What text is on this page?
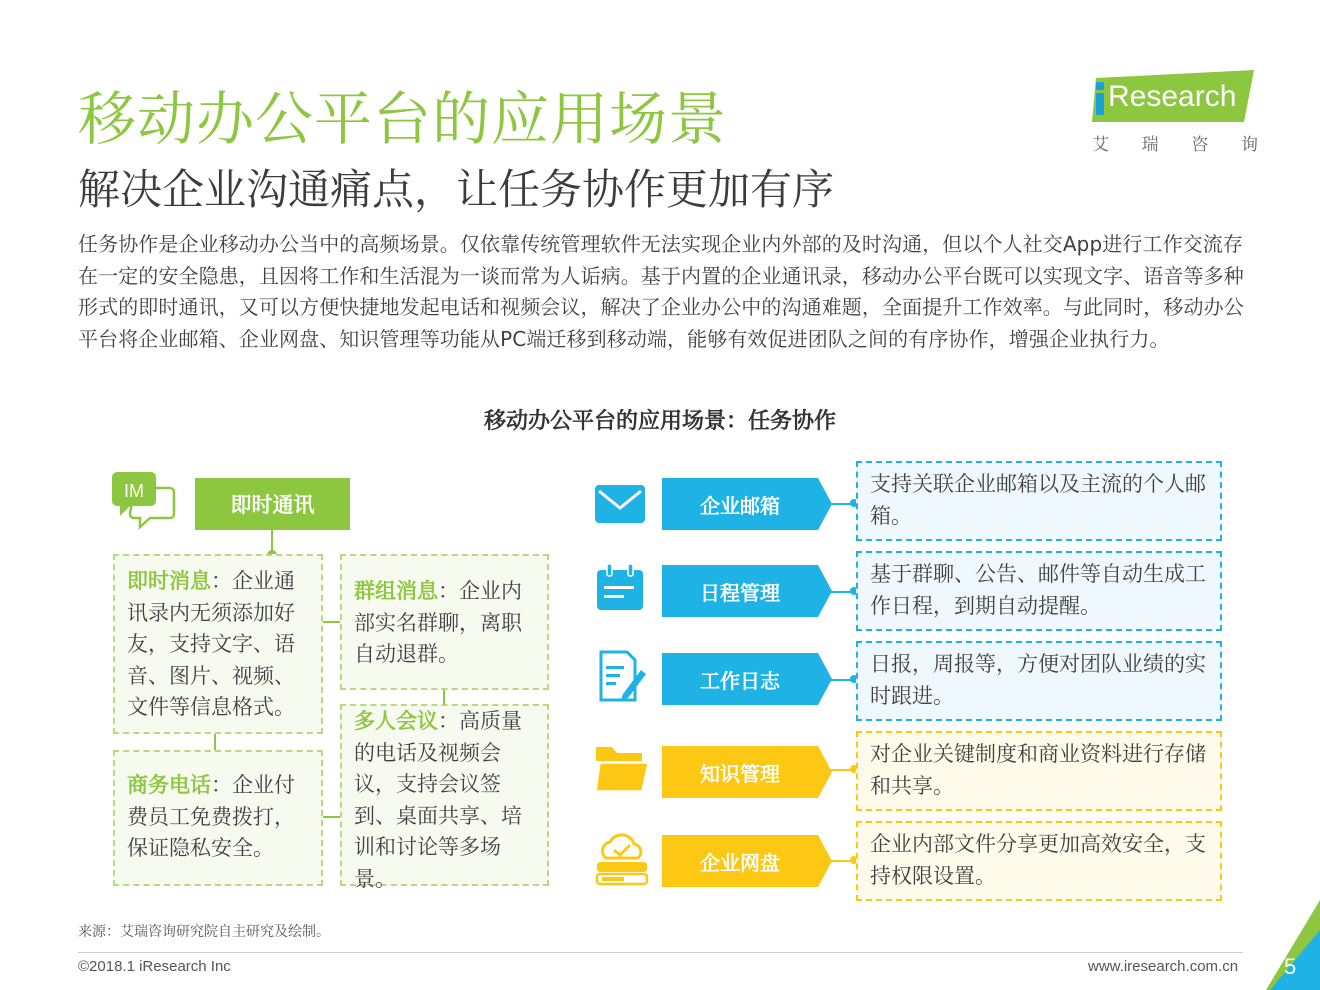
移动办公平台的应用场景
解决企业沟通痛点，让任务协作更加有序
Research
艾 瑞 咨 询
任务协作是企业移动办公当中的高频场景。仅依靠传统管理软件无法实现企业内外部的及时沟通，但以个人社交App进行工作交流存在一定的安全隐患，且因将工作和生活混为一谈而常为人诟病。基于内置的企业通讯录，移动办公平台既可以实现文字、语音等多种形式的即时通讯，又可以方便快捷地发起电话和视频会议，解决了企业办公中的沟通难题，全面提升工作效率。与此同时，移动办公平台将企业邮箱、企业网盘、知识管理等功能从PC端迁移到移动端，能够有效促进团队之间的有序协作，增强企业执行力。
移动办公平台的应用场景：任务协作
IM
即时通讯
即时消息：企业通讯录内无须添加好友，支持文字、语音、图片、视频、文件等信息格式。
群组消息：企业内部实名群聊，离职自动退群。
商务电话：企业付费员工免费拨打，保证隐私安全。
多人会议：高质量的电话及视频会议，支持会议签到、桌面共享、培训和讨论等多场景。
企业邮箱
支持关联企业邮箱以及主流的个人邮箱。
日程管理
基于群聊、公告、邮件等自动生成工作日程，到期自动提醒。
工作日志
日报，周报等，方便对团队业绩的实时跟进。
知识管理
对企业关键制度和商业资料进行存储和共享。
企业网盘
企业内部文件分享更加高效安全，支持权限设置。
来源：艾瑞咨询研究院自主研究及绘制。
©2018.1 iResearch Inc	www.iresearch.com.cn 5
